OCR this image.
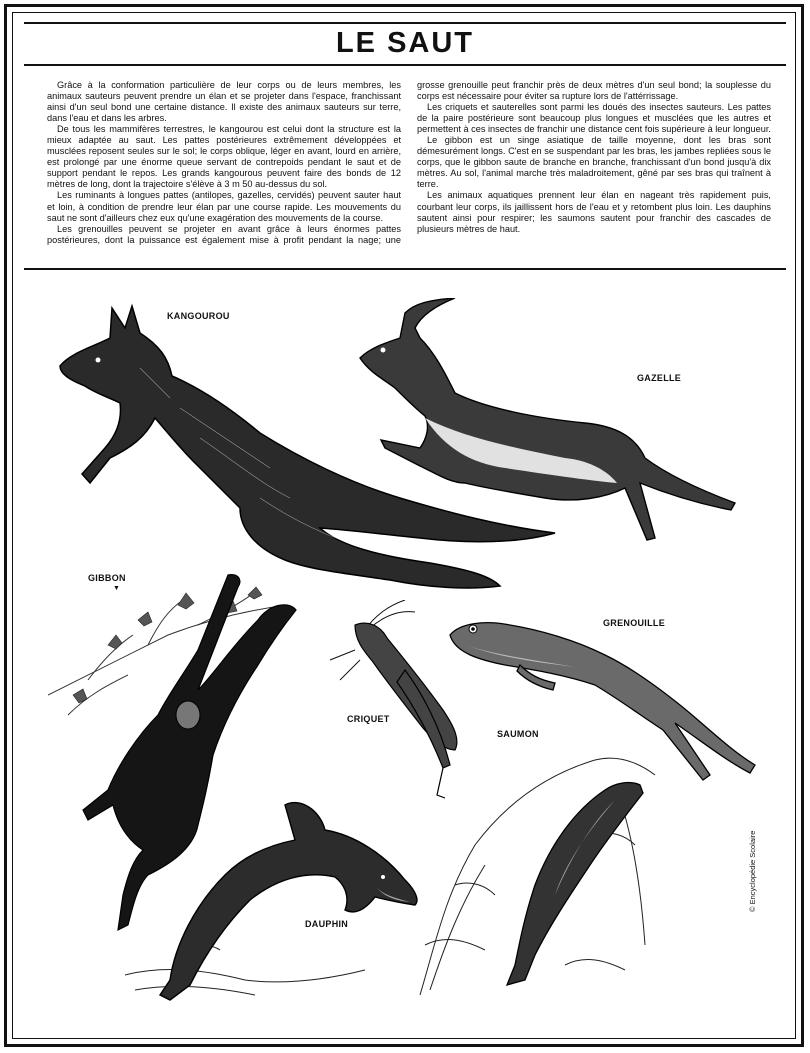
LE SAUT

Grâce à la conformation particulière de leur corps ou de leurs membres, les animaux sauteurs peuvent prendre un élan et se projeter dans l'espace, franchissant ainsi d'un seul bond une certaine distance. Il existe des animaux sauteurs sur terre, dans l'eau et dans les arbres.

De tous les mammifères terrestres, le kangourou est celui dont la structure est la mieux adaptée au saut. Les pattes postérieures extrêmement développées et musclées reposent seules sur le sol; le corps oblique, léger en avant, lourd en arrière, est prolongé par une énorme queue servant de contrepoids pendant le saut et de support pendant le repos. Les grands kangourous peuvent faire des bonds de 12 mètres de long, dont la trajectoire s'élève à 3 m 50 au-dessus du sol.

Les ruminants à longues pattes (antilopes, gazelles, cervidés) peuvent sauter haut et loin, à condition de prendre leur élan par une course rapide. Les mouvements du saut ne sont d'ailleurs chez eux qu'une exagération des mouvements de la course.

Les grenouilles peuvent se projeter en avant grâce à leurs énormes pattes postérieures, dont la puissance est également mise à profit pendant la nage; une grosse grenouille peut franchir près de deux mètres d'un seul bond; la souplesse du corps est nécessaire pour éviter sa rupture lors de l'attérrissage.

Les criquets et sauterelles sont parmi les doués des insectes sauteurs. Les pattes de la paire postérieure sont beaucoup plus longues et musclées que les autres et permettent à ces insectes de franchir une distance cent fois supérieure à leur longueur.

Le gibbon est un singe asiatique de taille moyenne, dont les bras sont démesurément longs. C'est en se suspendant par les bras, les jambes repliées sous le corps, que le gibbon saute de branche en branche, franchissant d'un bond jusqu'à dix mètres. Au sol, l'animal marche très maladroitement, gêné par ses bras qui traînent à terre.

Les animaux aquatiques prennent leur élan en nageant très rapidement puis, courbant leur corps, ils jaillissent hors de l'eau et y retombent plus loin. Les dauphins sautent ainsi pour respirer; les saumons sautent pour franchir des cascades de plusieurs mètres de haut.

KANGOUROU
GAZELLE
GIBBON
▼
CRIQUET
GRENOUILLE
SAUMON
DAUPHIN
© Encyclopédie Scolaire
